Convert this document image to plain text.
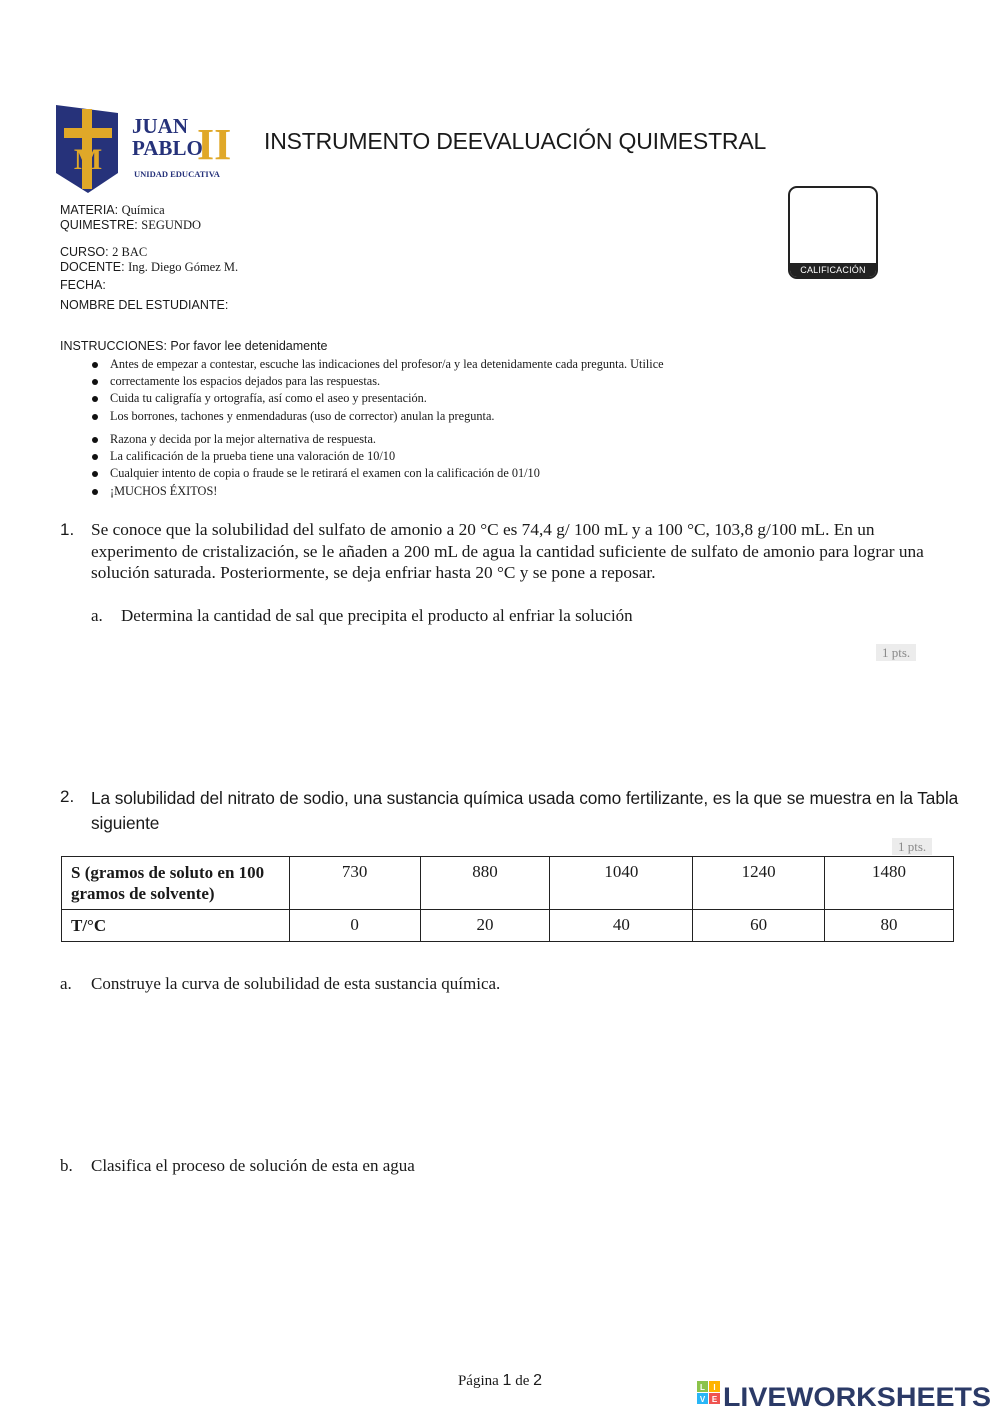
M
JUAN
PABLO
II
UNIDAD EDUCATIVA
INSTRUMENTO DEEVALUACIÓN QUIMESTRAL
CALIFICACIÓN
MATERIA: Química
QUIMESTRE: SEGUNDO
CURSO: 2 BAC
DOCENTE: Ing. Diego Gómez M.
FECHA:
NOMBRE DEL ESTUDIANTE:
INSTRUCCIONES: Por favor lee detenidamente
Antes de empezar a contestar, escuche las indicaciones del profesor/a y lea detenidamente cada pregunta. Utilice
correctamente los espacios dejados para las respuestas.
Cuida tu caligrafía y ortografía, así como el aseo y presentación.
Los borrones, tachones y enmendaduras (uso de corrector) anulan la pregunta.
Razona y decida por la mejor alternativa de respuesta.
La calificación de la prueba tiene una valoración de 10/10
Cualquier intento de copia o fraude se le retirará el examen con la calificación de 01/10
¡MUCHOS ÉXITOS!
1. Se conoce que la solubilidad del sulfato de amonio a 20 °C es 74,4 g/ 100 mL y a 100 °C, 103,8 g/100 mL. En un experimento de cristalización, se le añaden a 200 mL de agua la cantidad suficiente de sulfato de amonio para lograr una solución saturada. Posteriormente, se deja enfriar hasta 20 °C y se pone a reposar.
a. Determina la cantidad de sal que precipita el producto al enfriar la solución
1 pts.
2. La solubilidad del nitrato de sodio, una sustancia química usada como fertilizante, es la que se muestra en la Tabla siguiente
1 pts.
S (gramos de soluto en 100 gramos de solvente)	730	880	1040	1240	1480
T/°C	0	20	40	60	80
a. Construye la curva de solubilidad de esta sustancia química.
b. Clasifica el proceso de solución de esta en agua
Página 1 de 2	L I
V E LIVEWORKSHEETS
